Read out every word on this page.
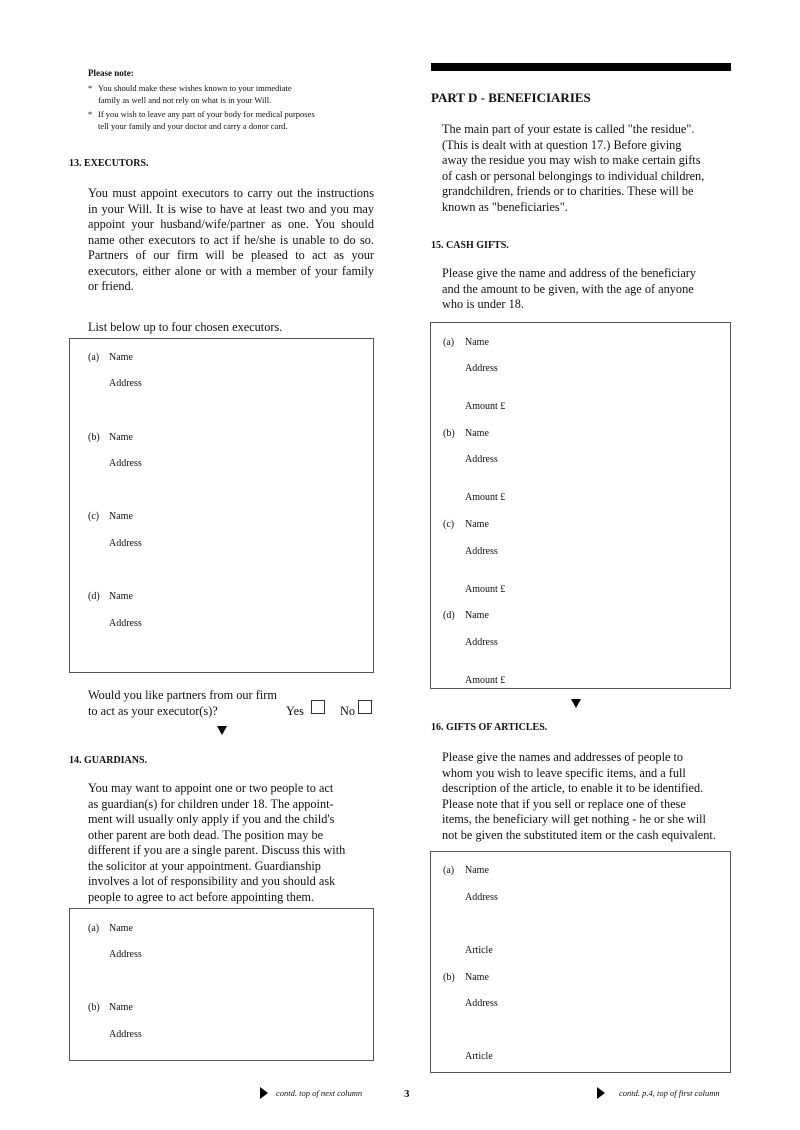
Please note:
* You should make these wishes known to your immediate
family as well and not rely on what is in your Will.
* If you wish to leave any part of your body for medical purposes
tell your family and your doctor and carry a donor card.
13. EXECUTORS.
You must appoint executors to carry out the instructions in your Will. It is wise to have at least two and you may appoint your husband/wife/partner as one. You should name other executors to act if he/she is unable to do so. Partners of our firm will be pleased to act as your executors, either alone or with a member of your family or friend.
List below up to four chosen executors.
(a) Name
Address
(b) Name
Address
(c) Name
Address
(d) Name
Address
Would you like partners from our firm
to act as your executor(s)?	Yes	No
14. GUARDIANS.
You may want to appoint one or two people to act
as guardian(s) for children under 18. The appoint-
ment will usually only apply if you and the child's
other parent are both dead. The position may be
different if you are a single parent. Discuss this with
the solicitor at your appointment. Guardianship
involves a lot of responsibility and you should ask
people to agree to act before appointing them.
(a) Name
Address
(b) Name
Address
PART D - BENEFICIARIES
The main part of your estate is called "the residue".
(This is dealt with at question 17.) Before giving
away the residue you may wish to make certain gifts
of cash or personal belongings to individual children,
grandchildren, friends or to charities. These will be
known as "beneficiaries".
15. CASH GIFTS.
Please give the name and address of the beneficiary
and the amount to be given, with the age of anyone
who is under 18.
(a) Name
Address
Amount £
(b) Name
Address
Amount £
(c) Name
Address
Amount £
(d) Name
Address
Amount £
16. GIFTS OF ARTICLES.
Please give the names and addresses of people to
whom you wish to leave specific items, and a full
description of the article, to enable it to be identified.
Please note that if you sell or replace one of these
items, the beneficiary will get nothing - he or she will
not be given the substituted item or the cash equivalent.
(a) Name
Address
Article
(b) Name
Address
Article
contd. top of next column	3	contd. p.4, top of first column
